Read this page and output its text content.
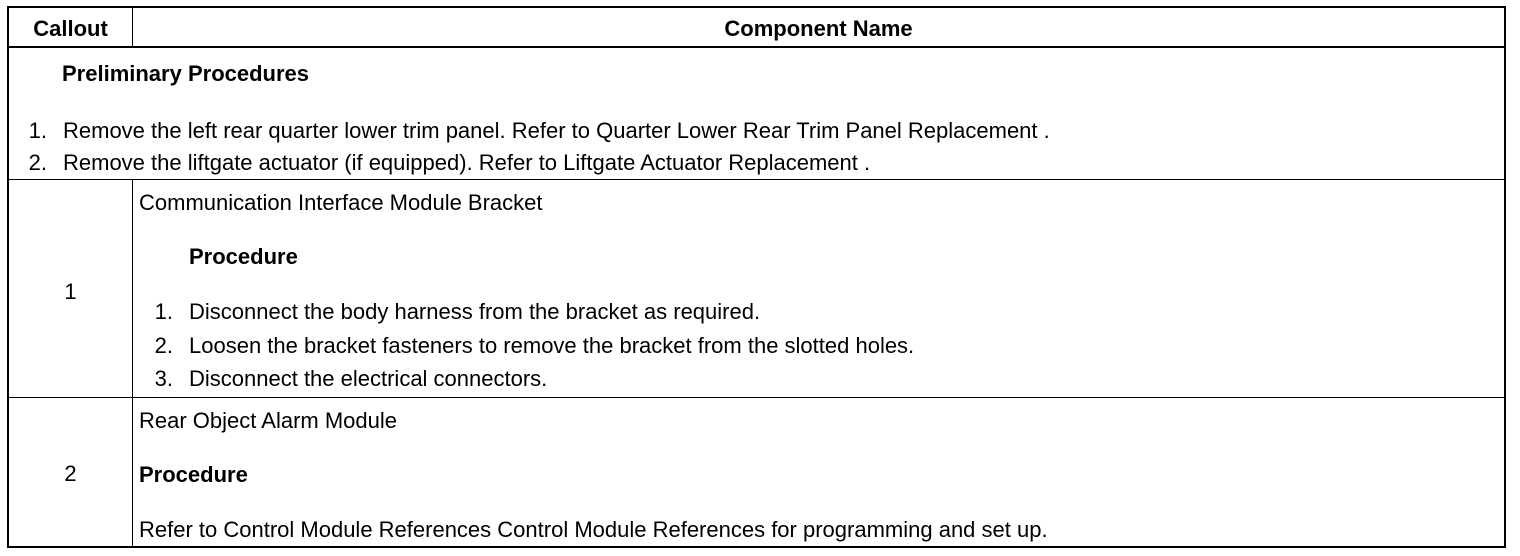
Callout	Component Name
Preliminary Procedures
1. Remove the left rear quarter lower trim panel. Refer to Quarter Lower Rear Trim Panel Replacement .
2. Remove the liftgate actuator (if equipped). Refer to Liftgate Actuator Replacement .
1
Communication Interface Module Bracket
Procedure
1. Disconnect the body harness from the bracket as required.
2. Loosen the bracket fasteners to remove the bracket from the slotted holes.
3. Disconnect the electrical connectors.
2
Rear Object Alarm Module
Procedure
Refer to Control Module References Control Module References for programming and set up.
